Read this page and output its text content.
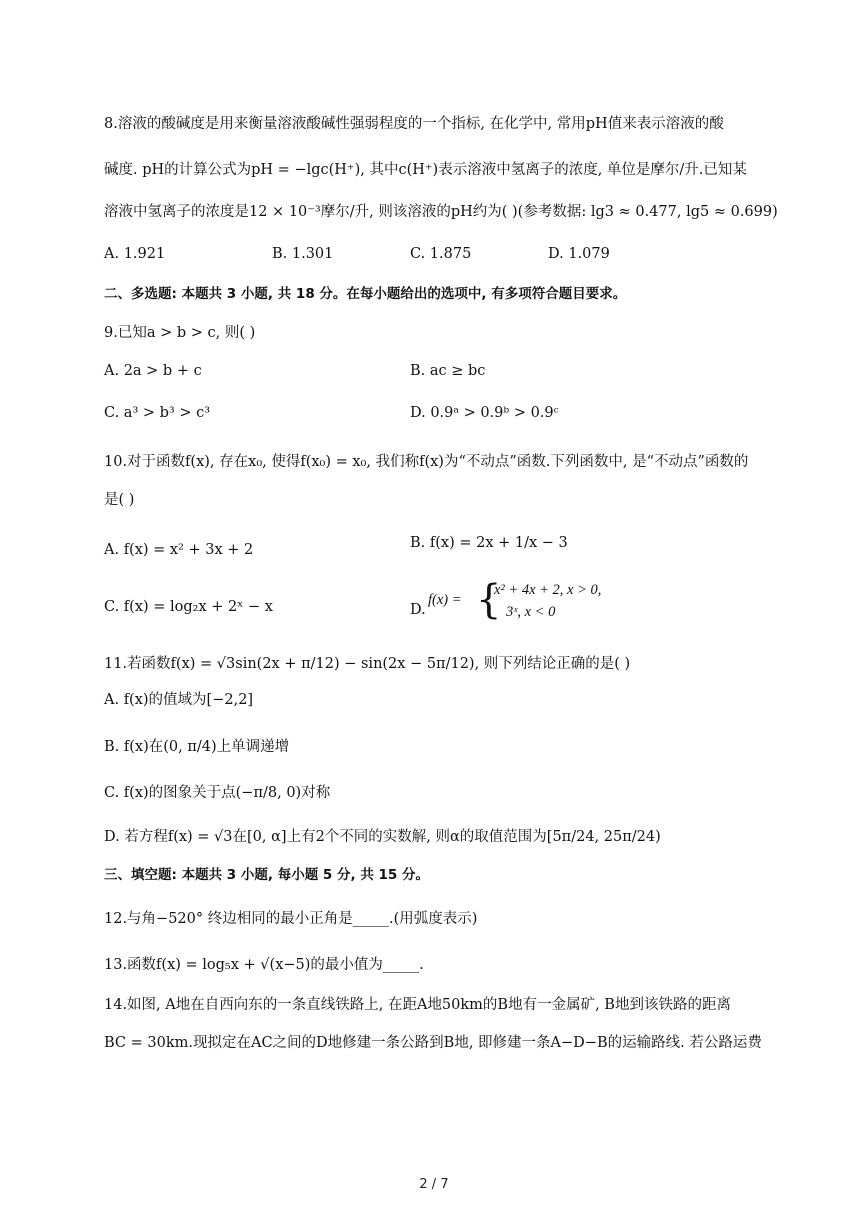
8.溶液的酸碱度是用来衡量溶液酸碱性强弱程度的一个指标, 在化学中, 常用pH值来表示溶液的酸
碱度. pH的计算公式为pH = −lgc(H⁺), 其中c(H⁺)表示溶液中氢离子的浓度, 单位是摩尔/升.已知某
溶液中氢离子的浓度是12 × 10⁻³摩尔/升, 则该溶液的pH约为( )(参考数据: lg3 ≈ 0.477, lg5 ≈ 0.699)
A. 1.921	B. 1.301	C. 1.875	D. 1.079
二、多选题: 本题共 3 小题, 共 18 分。在每小题给出的选项中, 有多项符合题目要求。
9.已知a > b > c, 则( )
A. 2a > b + c	B. ac ≥ bc
C. a³ > b³ > c³	D. 0.9ᵃ > 0.9ᵇ > 0.9ᶜ
10.对于函数f(x), 存在x₀, 使得f(x₀) = x₀, 我们称f(x)为“不动点”函数.下列函数中, 是“不动点”函数的
是( )
A. f(x) = x² + 3x + 2	B. f(x) = 2x + 1/x − 3
C. f(x) = log₂x + 2ˣ − x	D.
f(x) = {
x² + 4x + 2, x > 0,
3ˣ, x < 0
11.若函数f(x) = √3sin(2x + π/12) − sin(2x − 5π/12), 则下列结论正确的是( )
A. f(x)的值域为[−2,2]
B. f(x)在(0, π/4)上单调递增
C. f(x)的图象关于点(−π/8, 0)对称
D. 若方程f(x) = √3在[0, α]上有2个不同的实数解, 则α的取值范围为[5π/24, 25π/24)
三、填空题: 本题共 3 小题, 每小题 5 分, 共 15 分。
12.与角−520° 终边相同的最小正角是_____.(用弧度表示)
13.函数f(x) = log₅x + √(x−5)的最小值为_____.
14.如图, A地在自西向东的一条直线铁路上, 在距A地50km的B地有一金属矿, B地到该铁路的距离
BC = 30km.现拟定在AC之间的D地修建一条公路到B地, 即修建一条A−D−B的运输路线. 若公路运费
2 / 7
